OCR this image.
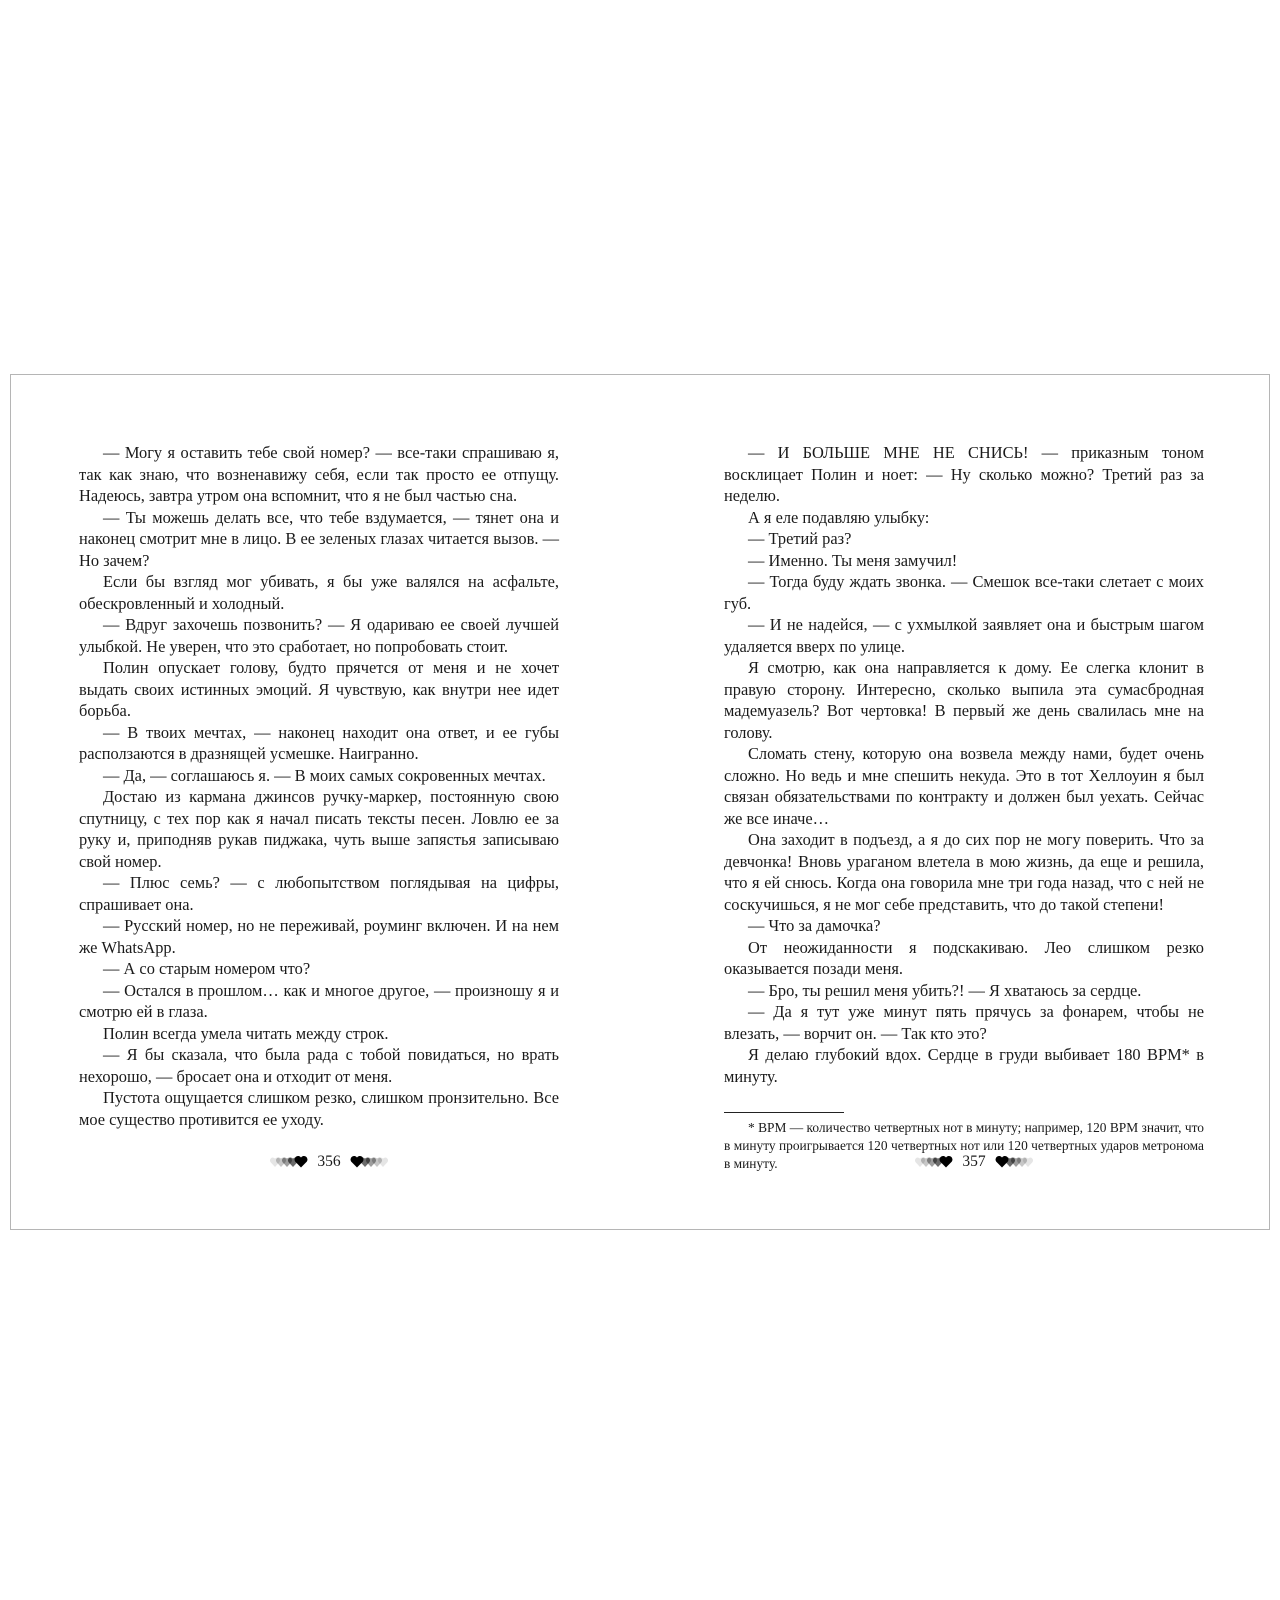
— Могу я оставить тебе свой номер? — все-таки спрашиваю я, так как знаю, что возненавижу себя, если так просто ее отпущу. Надеюсь, завтра утром она вспомнит, что я не был частью сна.

— Ты можешь делать все, что тебе вздумается, — тянет она и наконец смотрит мне в лицо. В ее зеленых глазах читается вызов. — Но зачем?

Если бы взгляд мог убивать, я бы уже валялся на асфальте, обескровленный и холодный.

— Вдруг захочешь позвонить? — Я одариваю ее своей лучшей улыбкой. Не уверен, что это сработает, но попробовать стоит.

Полин опускает голову, будто прячется от меня и не хочет выдать своих истинных эмоций. Я чувствую, как внутри нее идет борьба.

— В твоих мечтах, — наконец находит она ответ, и ее губы расползаются в дразнящей усмешке. Наигранно.

— Да, — соглашаюсь я. — В моих самых сокровенных мечтах.

Достаю из кармана джинсов ручку-маркер, постоянную свою спутницу, с тех пор как я начал писать тексты песен. Ловлю ее за руку и, приподняв рукав пиджака, чуть выше запястья записываю свой номер.

— Плюс семь? — с любопытством поглядывая на цифры, спрашивает она.

— Русский номер, но не переживай, роуминг включен. И на нем же WhatsApp.

— А со старым номером что?

— Остался в прошлом… как и многое другое, — произношу я и смотрю ей в глаза.

Полин всегда умела читать между строк.

— Я бы сказала, что была рада с тобой повидаться, но врать нехорошо, — бросает она и отходит от меня.

Пустота ощущается слишком резко, слишком пронзительно. Все мое существо противится ее уходу.

356

— И БОЛЬШЕ МНЕ НЕ СНИСЬ! — приказным тоном восклицает Полин и ноет: — Ну сколько можно? Третий раз за неделю.

А я еле подавляю улыбку:

— Третий раз?

— Именно. Ты меня замучил!

— Тогда буду ждать звонка. — Смешок все-таки слетает с моих губ.

— И не надейся, — с ухмылкой заявляет она и быстрым шагом удаляется вверх по улице.

Я смотрю, как она направляется к дому. Ее слегка клонит в правую сторону. Интересно, сколько выпила эта сумасбродная мадемуазель? Вот чертовка! В первый же день свалилась мне на голову.

Сломать стену, которую она возвела между нами, будет очень сложно. Но ведь и мне спешить некуда. Это в тот Хеллоуин я был связан обязательствами по контракту и должен был уехать. Сейчас же все иначе…

Она заходит в подъезд, а я до сих пор не могу поверить. Что за девчонка! Вновь ураганом влетела в мою жизнь, да еще и решила, что я ей снюсь. Когда она говорила мне три года назад, что с ней не соскучишься, я не мог себе представить, что до такой степени!

— Что за дамочка?

От неожиданности я подскакиваю. Лео слишком резко оказывается позади меня.

— Бро, ты решил меня убить?! — Я хватаюсь за сердце.

— Да я тут уже минут пять прячусь за фонарем, чтобы не влезать, — ворчит он. — Так кто это?

Я делаю глубокий вдох. Сердце в груди выбивает 180 BPM* в минуту.

* BPM — количество четвертных нот в минуту; например, 120 BPM значит, что в минуту проигрывается 120 четвертных нот или 120 четвертных ударов метронома в минуту.	357
